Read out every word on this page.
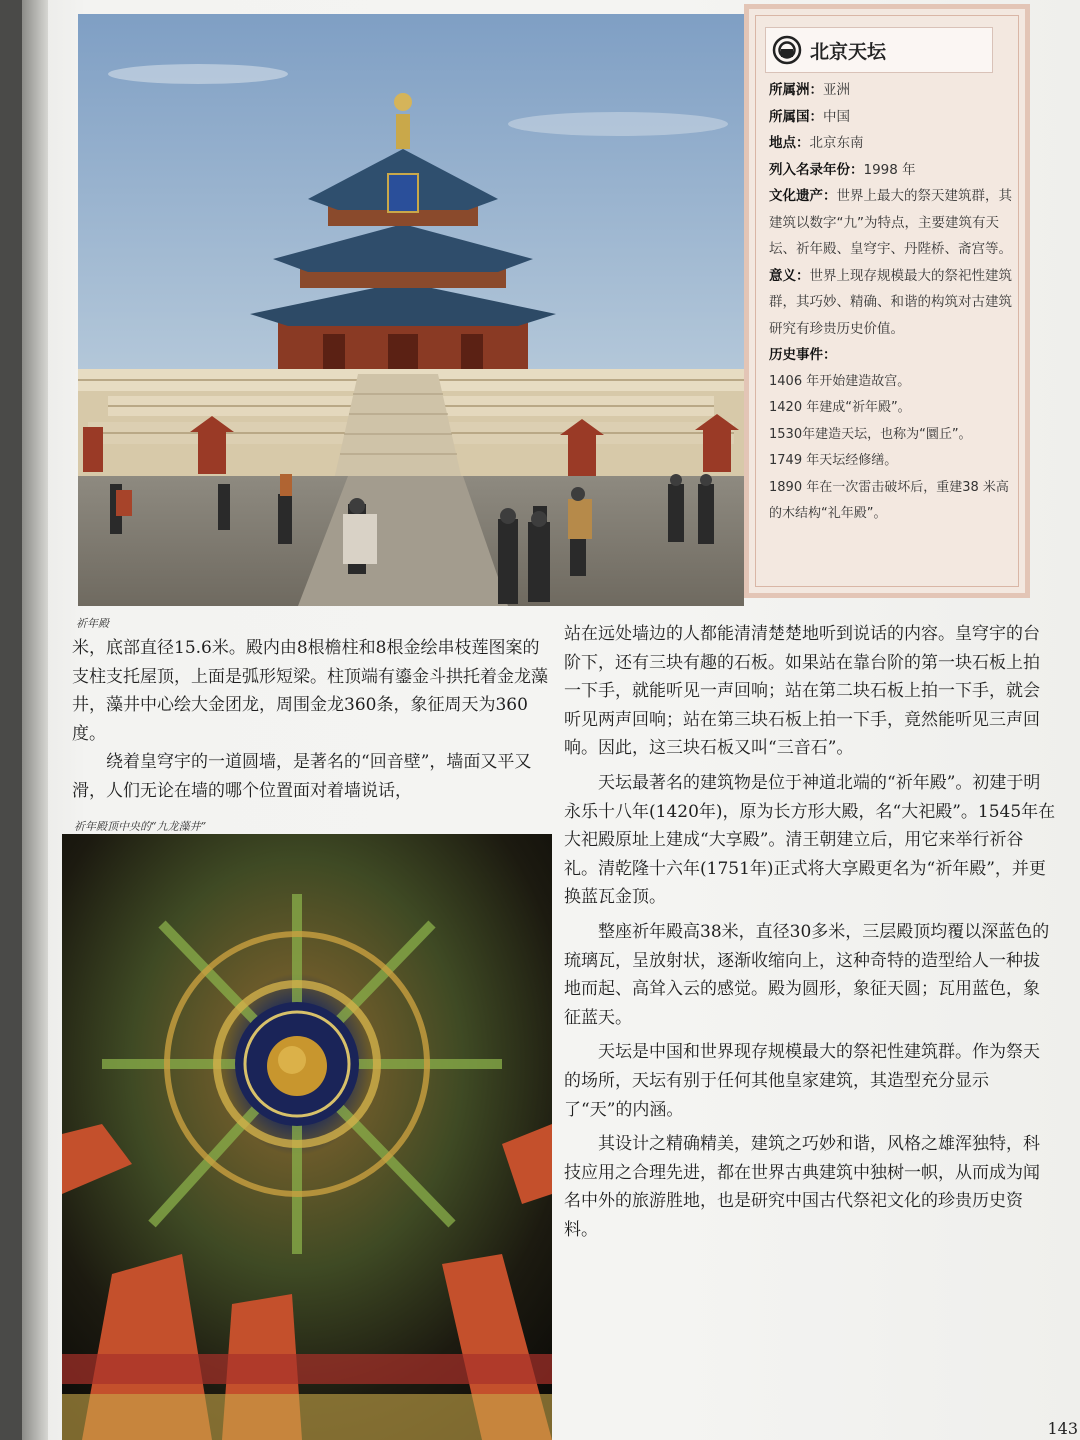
祈年殿
北京天坛
所属洲：亚洲
所属国：中国
地点：北京东南
列入名录年份：1998 年
文化遗产：世界上最大的祭天建筑群，其建筑以数字“九”为特点，主要建筑有天坛、祈年殿、皇穹宇、丹陛桥、斋宫等。
意义：世界上现存规模最大的祭祀性建筑群，其巧妙、精确、和谐的构筑对古建筑研究有珍贵历史价值。
历史事件：
1406 年开始建造故宫。
1420 年建成“祈年殿”。
1530年建造天坛，也称为“圜丘”。
1749 年天坛经修缮。
1890 年在一次雷击破坏后，重建38 米高的木结构“礼年殿”。

米，底部直径15.6米。殿内由8根檐柱和8根金绘串枝莲图案的支柱支托屋顶，上面是弧形短梁。柱顶端有鎏金斗拱托着金龙藻井，藻井中心绘大金团龙，周围金龙360条，象征周天为360度。

绕着皇穹宇的一道圆墙，是著名的“回音壁”，墙面又平又滑，人们无论在墙的哪个位置面对着墙说话，

祈年殿顶中央的“九龙藻井”

站在远处墙边的人都能清清楚楚地听到说话的内容。皇穹宇的台阶下，还有三块有趣的石板。如果站在靠台阶的第一块石板上拍一下手，就能听见一声回响；站在第二块石板上拍一下手，就会听见两声回响；站在第三块石板上拍一下手，竟然能听见三声回响。因此，这三块石板又叫“三音石”。

天坛最著名的建筑物是位于神道北端的“祈年殿”。初建于明永乐十八年(1420年)，原为长方形大殿，名“大祀殿”。1545年在大祀殿原址上建成“大享殿”。清王朝建立后，用它来举行祈谷礼。清乾隆十六年(1751年)正式将大享殿更名为“祈年殿”，并更换蓝瓦金顶。

整座祈年殿高38米，直径30多米，三层殿顶均覆以深蓝色的琉璃瓦，呈放射状，逐渐收缩向上，这种奇特的造型给人一种拔地而起、高耸入云的感觉。殿为圆形，象征天圆；瓦用蓝色，象征蓝天。

天坛是中国和世界现存规模最大的祭祀性建筑群。作为祭天的场所，天坛有别于任何其他皇家建筑，其造型充分显示了“天”的内涵。

其设计之精确精美，建筑之巧妙和谐，风格之雄浑独特，科技应用之合理先进，都在世界古典建筑中独树一帜，从而成为闻名中外的旅游胜地，也是研究中国古代祭祀文化的珍贵历史资料。

143
